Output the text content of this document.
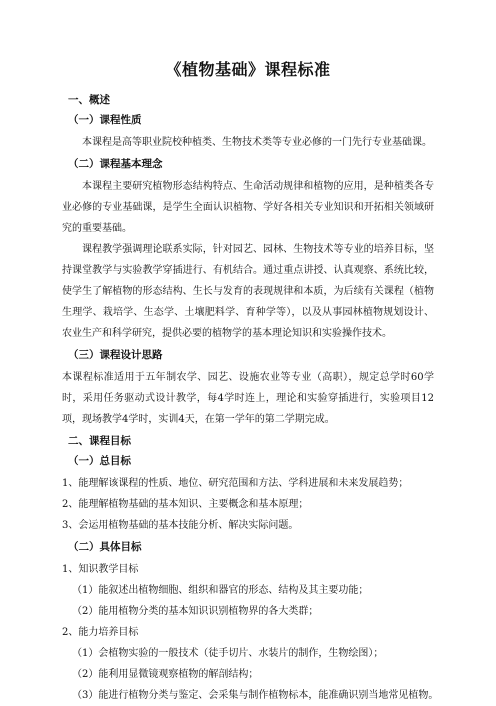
《植物基础》课程标准
一、概述
（一）课程性质

本课程是高等职业院校种植类、生物技术类等专业必修的一门先行专业基础课。

（二）课程基本理念

本课程主要研究植物形态结构特点、生命活动规律和植物的应用，是种植类各专业必修的专业基础课，是学生全面认识植物、学好各相关专业知识和开拓相关领域研究的重要基础。

课程教学强调理论联系实际，针对园艺、园林、生物技术等专业的培养目标，坚持课堂教学与实验教学穿插进行、有机结合。通过重点讲授、认真观察、系统比较，使学生了解植物的形态结构、生长与发育的表现规律和本质，为后续有关课程（植物生理学、栽培学、生态学、土壤肥料学、育种学等），以及从事园林植物规划设计、农业生产和科学研究，提供必要的植物学的基本理论知识和实验操作技术。

（三）课程设计思路

本课程标准适用于五年制农学、园艺、设施农业等专业（高职），规定总学时60学时，采用任务驱动式设计教学，每4学时连上，理论和实验穿插进行，实验项目12项，现场教学4学时，实训4天，在第一学年的第二学期完成。

二、课程目标
（一）总目标
1、能理解该课程的性质、地位、研究范围和方法、学科进展和未来发展趋势；
2、能理解植物基础的基本知识、主要概念和基本原理；
3、会运用植物基础的基本技能分析、解决实际问题。
（二）具体目标
1、知识教学目标
（1）能叙述出植物细胞、组织和器官的形态、结构及其主要功能；
（2）能用植物分类的基本知识识别植物界的各大类群；
2、能力培养目标
（1）会植物实验的一般技术（徒手切片、水装片的制作，生物绘图）；
（2）能利用显微镜观察植物的解剖结构；
（3）能进行植物分类与鉴定、会采集与制作植物标本，能准确识别当地常见植物。
